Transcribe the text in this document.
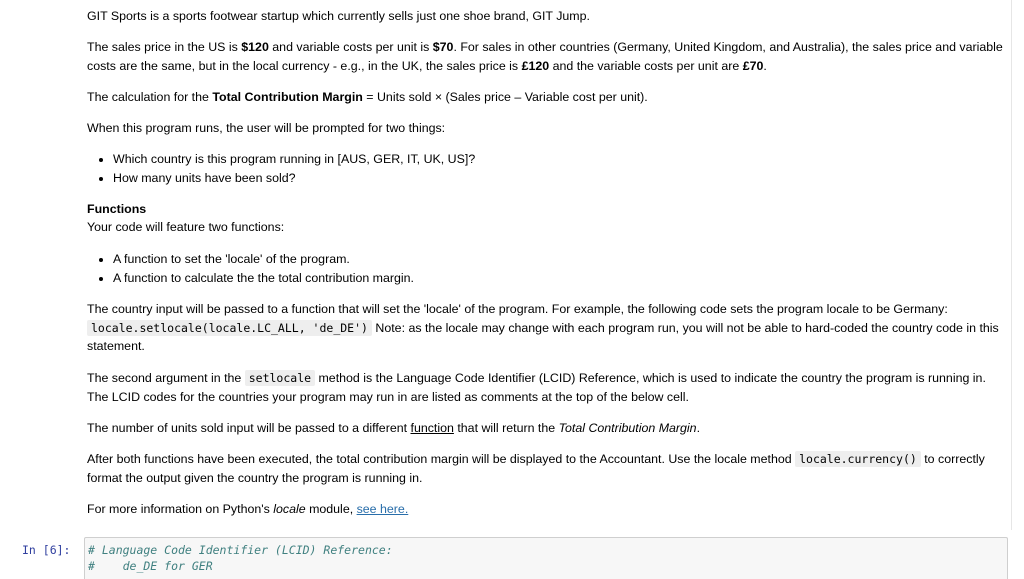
GIT Sports is a sports footwear startup which currently sells just one shoe brand, GIT Jump.

The sales price in the US is $120 and variable costs per unit is $70. For sales in other countries (Germany, United Kingdom, and Australia), the sales price and variable costs are the same, but in the local currency - e.g., in the UK, the sales price is £120 and the variable costs per unit are £70.

The calculation for the Total Contribution Margin = Units sold × (Sales price – Variable cost per unit).

When this program runs, the user will be prompted for two things:

• Which country is this program running in [AUS, GER, IT, UK, US]?
• How many units have been sold?

Functions

Your code will feature two functions:

• A function to set the 'locale' of the program.
• A function to calculate the the total contribution margin.

The country input will be passed to a function that will set the 'locale' of the program. For example, the following code sets the program locale to be Germany: locale.setlocale(locale.LC_ALL, 'de_DE') Note: as the locale may change with each program run, you will not be able to hard-coded the country code in this statement.

The second argument in the setlocale method is the Language Code Identifier (LCID) Reference, which is used to indicate the country the program is running in. The LCID codes for the countries your program may run in are listed as comments at the top of the below cell.

The number of units sold input will be passed to a different function that will return the Total Contribution Margin.

After both functions have been executed, the total contribution margin will be displayed to the Accountant. Use the locale method locale.currency() to correctly format the output given the country the program is running in.

For more information on Python's locale module, see here.

In [6]: # Language Code Identifier (LCID) Reference:
#    de_DE for GER
